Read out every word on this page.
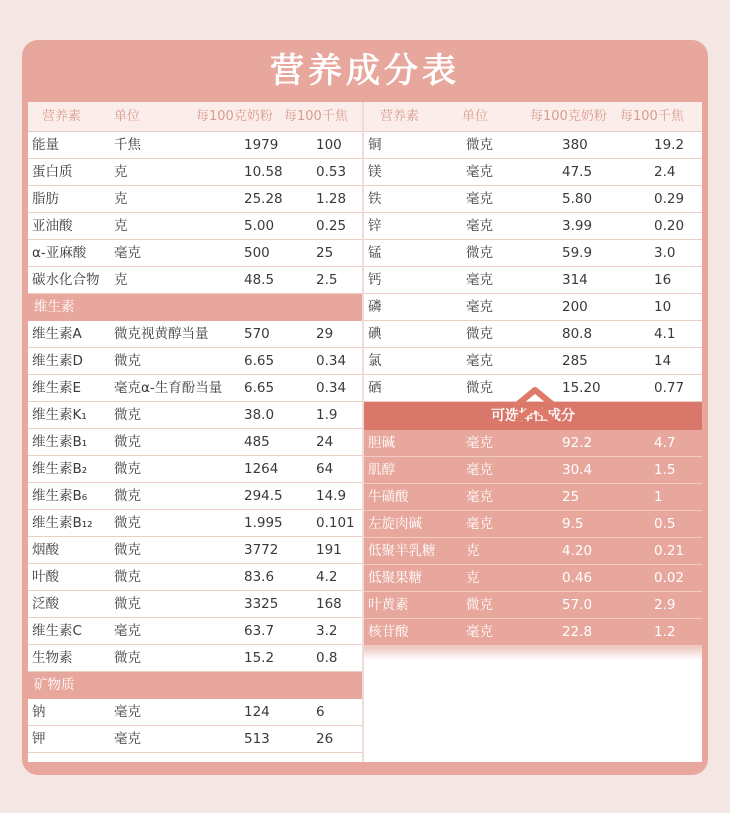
营养成分表
营养素	单位	每100克奶粉 每100千焦
能量	千焦	1979	100
蛋白质	克	10.58 0.53
脂肪	克	25.28 1.28
亚油酸	克	5.00	0.25
α-亚麻酸 毫克	500	25
碳水化合物 克	48.5	2.5
维生素
维生素A 微克视黄醇当量	570	29
维生素D 微克	6.65	0.34
维生素E 毫克α-生育酚当量 6.65	0.34
维生素K₁ 微克	38.0	1.9
维生素B₁ 微克	485	24
维生素B₂ 微克	1264	64
维生素B₆ 微克	294.5 14.9
维生素B₁₂ 微克	1.995 0.101
烟酸	微克	3772	191
叶酸	微克	83.6	4.2
泛酸	微克	3325	168
维生素C 毫克	63.7	3.2
生物素	微克	15.2	0.8
矿物质
钠	毫克	124	6
钾	毫克	513	26
营养素	单位	每100克奶粉 每100千焦
铜	微克	380	19.2
镁	毫克	47.5	2.4
铁	毫克	5.80	0.29
锌	毫克	3.99	0.20
锰	微克	59.9	3.0
钙	毫克	314	16
磷	毫克	200	10
碘	微克	80.8	4.1
氯	毫克	285	14
硒	微克	15.20	0.77
可选择性成分
胆碱	毫克	92.2	4.7
肌醇	毫克	30.4	1.5
牛磺酸	毫克	25	1
左旋肉碱	毫克	9.5	0.5
低聚半乳糖 克	4.20	0.21
低聚果糖	克	0.46	0.02
叶黄素	微克	57.0	2.9
核苷酸	毫克	22.8	1.2
